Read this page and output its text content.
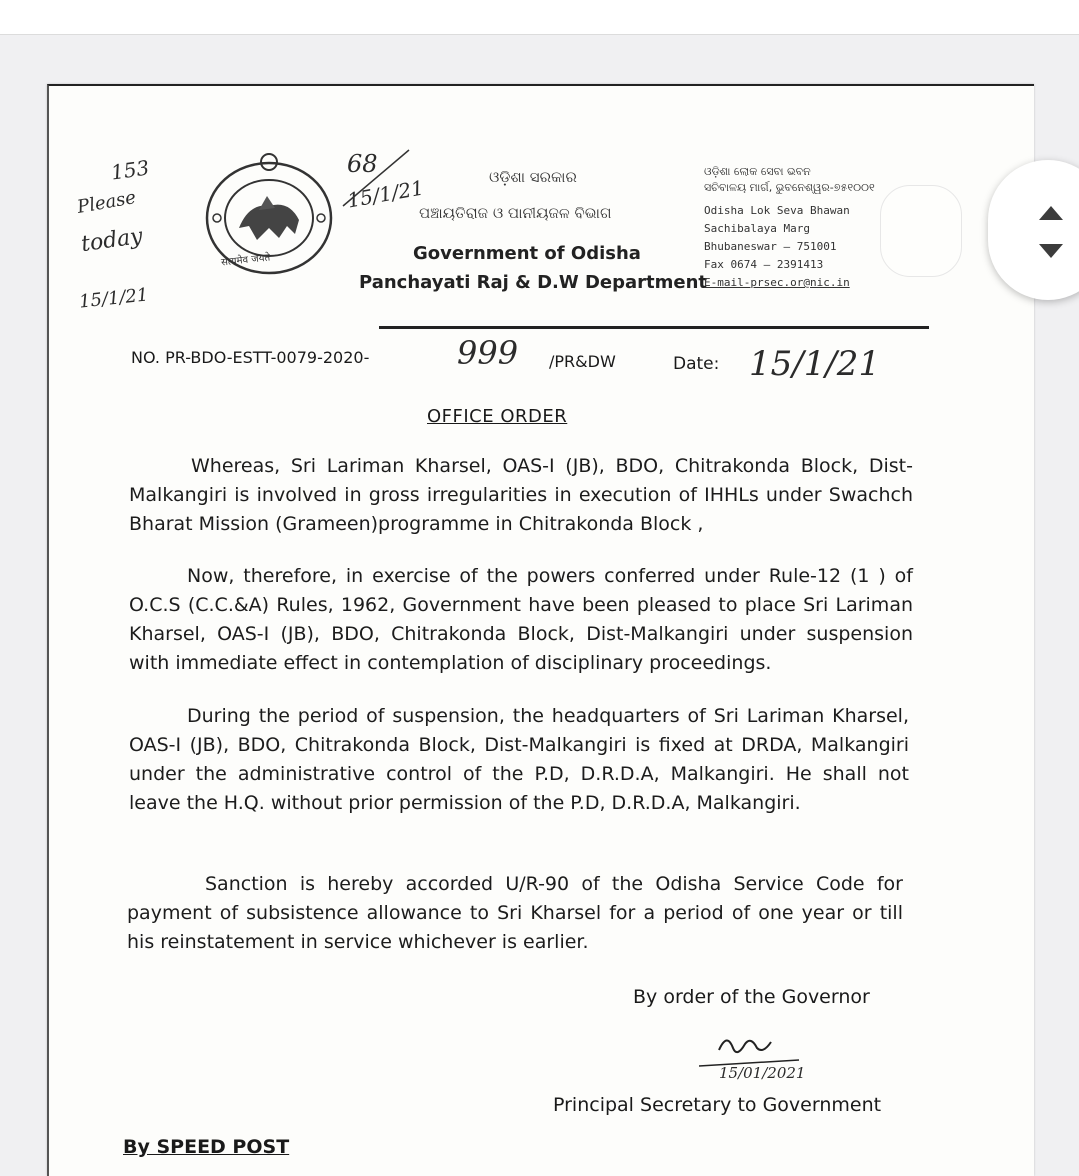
153
Please
today
15/1/21
सत्यमेव जयते
68
15/1/21	ଓଡ଼ିଶା ସରକାର
ପଞ୍ଚାୟତିରାଜ ଓ ପାନୀୟଜଳ ବିଭାଗ
Government of Odisha
Panchayati Raj & D.W Department
ଓଡ଼ିଶା ଲୋକ ସେବା ଭବନ
ସଚିବାଳୟ ମାର୍ଗ, ଭୁବନେଶ୍ୱର-୭୫୧୦୦୧
Odisha Lok Seva Bhawan
Sachibalaya Marg
Bhubaneswar – 751001
Fax 0674 – 2391413
E-mail-prsec.or@nic.in
NO. PR-BDO-ESTT-0079-2020-	999 /PR&DW	Date: 15/1/21
OFFICE ORDER
Whereas, Sri Lariman Kharsel, OAS-I (JB), BDO, Chitrakonda Block, Dist-Malkangiri is involved in gross irregularities in execution of IHHLs under Swachch Bharat Mission (Grameen)programme in Chitrakonda Block ,
Now, therefore, in exercise of the powers conferred under Rule-12 (1 ) of O.C.S (C.C.&A) Rules, 1962, Government have been pleased to place Sri Lariman Kharsel, OAS-I (JB), BDO, Chitrakonda Block, Dist-Malkangiri under suspension with immediate effect in contemplation of disciplinary proceedings.
During the period of suspension, the headquarters of Sri Lariman Kharsel, OAS-I (JB), BDO, Chitrakonda Block, Dist-Malkangiri is fixed at DRDA, Malkangiri under the administrative control of the P.D, D.R.D.A, Malkangiri. He shall not leave the H.Q. without prior permission of the P.D, D.R.D.A, Malkangiri.
Sanction is hereby accorded U/R-90 of the Odisha Service Code for payment of subsistence allowance to Sri Kharsel for a period of one year or till his reinstatement in service whichever is earlier.
By order of the Governor
15/01/2021
Principal Secretary to Government
By SPEED POST
